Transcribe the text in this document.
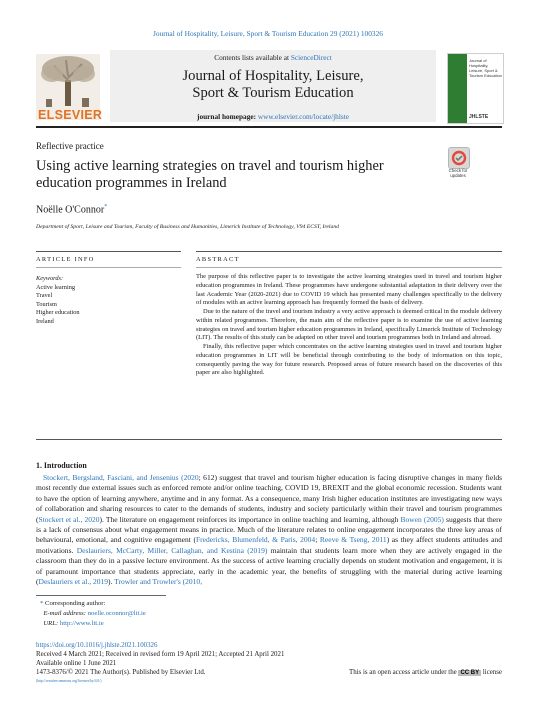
Journal of Hospitality, Leisure, Sport & Tourism Education 29 (2021) 100326
ELSEVIER
Contents lists available at ScienceDirect
Journal of Hospitality, Leisure,
Sport & Tourism Education
journal homepage: www.elsevier.com/locate/jhlste
Journal of Hospitality, Leisure, Sport & Tourism Education
JHLSTE
Reflective practice
Using active learning strategies on travel and tourism higher education programmes in Ireland
Check for updates
Noëlle O'Connor*
Department of Sport, Leisure and Tourism, Faculty of Business and Humanities, Limerick Institute of Technology, V94 ECST, Ireland
ARTICLE INFO	ABSTRACT
Keywords:
Active learning
Travel
Tourism
Higher education
Ireland

The purpose of this reflective paper is to investigate the active learning strategies used in travel and tourism higher education programmes in Ireland. These programmes have undergone substantial adaptation in their delivery over the last Academic Year (2020-2021) due to COVID 19 which has presented many challenges specifically to the delivery of modules with an active learning approach has frequently formed the basis of delivery.

Due to the nature of the travel and tourism industry a very active approach is deemed critical in the module delivery within related programmes. Therefore, the main aim of the reflective paper is to examine the use of active learning strategies on travel and tourism higher education programmes in Ireland, specifically Limerick Institute of Technology (LIT). The results of this study can be adapted on other travel and tourism programmes both in Ireland and abroad.

Finally, this reflective paper which concentrates on the active learning strategies used in travel and tourism higher education programmes in LIT will be beneficial through contributing to the body of information on this topic, consequently paving the way for future research. Proposed areas of future research based on the discoveries of this paper are also highlighted.

1. Introduction

Stockert, Bergsland, Fasciani, and Jensenius (2020; 612) suggest that travel and tourism higher education is facing disruptive changes in many fields most recently due external issues such as enforced remote and/or online teaching, COVID 19, BREXIT and the global economic recession. Students want to have the option of learning anywhere, anytime and in any format. As a consequence, many Irish higher education institutes are investigating new ways of collaboration and sharing resources to cater to the demands of students, industry and society particularly within their travel and tourism programmes (Stockert et al., 2020). The literature on engagement reinforces its importance in online teaching and learning, although Bowen (2005) suggests that there is a lack of consensus about what engagement means in practice. Much of the literature relates to online engagement incorporates the three key areas of behavioural, emotional, and cognitive engagement (Fredericks, Blumenfeld, & Paris, 2004; Reeve & Tseng, 2011) as they affect students attitudes and motivations. Deslauriers, McCarty, Miller, Callaghan, and Kestina (2019) maintain that students learn more when they are actively engaged in the classroom than they do in a passive lecture environment. As the success of active learning crucially depends on student motivation and engagement, it is of paramount importance that students appreciate, early in the academic year, the benefits of struggling with the material during active learning (Deslauriers et al., 2019). Trowler and Trowler's (2010,

* Corresponding author:
E-mail address: noelle.oconnor@lit.ie
URL: http://www.lit.ie
https://doi.org/10.1016/j.jhlste.2021.100326
Received 4 March 2021; Received in revised form 19 April 2021; Accepted 21 April 2021
Available online 1 June 2021
1473-8376/© 2021 The Author(s). Published by Elsevier Ltd.	This is an open access article under the CC BY license
(http://creativecommons.org/licenses/by/4.0/)
